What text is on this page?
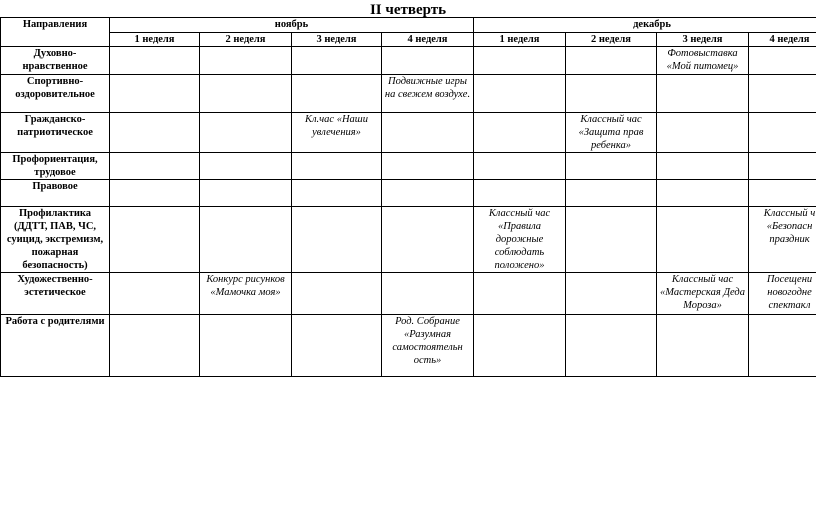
II четверть
Направления	ноябрь				декабрь			
	1 неделя	2 неделя	3 неделя	4 неделя	1 неделя	2 неделя	3 неделя	4 неделя
Духовно- нравственное							Фотовыставка «Мой питомец»	
Спортивно- оздоровительное				Подвижные игры на свежем воздухе.				
Гражданско- патриотическое			Кл.час «Наши увлечения»			Классный час «Защита прав ребенка»		
Профориентация, трудовое								
Правовое								
Профилактика (ДДТТ, ПАВ, ЧС, суицид, экстремизм, пожарная безопасность)					Классный час «Правила дорожные соблюдать положено»			Классный ч «Безопасн праздник
Художественно- эстетическое		Конкурс рисунков «Мамочка моя»					Классный час «Мастерская Деда Мороза»	Посещени новогодне спектакл
Работа с родителями				Род. Собрание «Разумная самостоятельн ость»				
